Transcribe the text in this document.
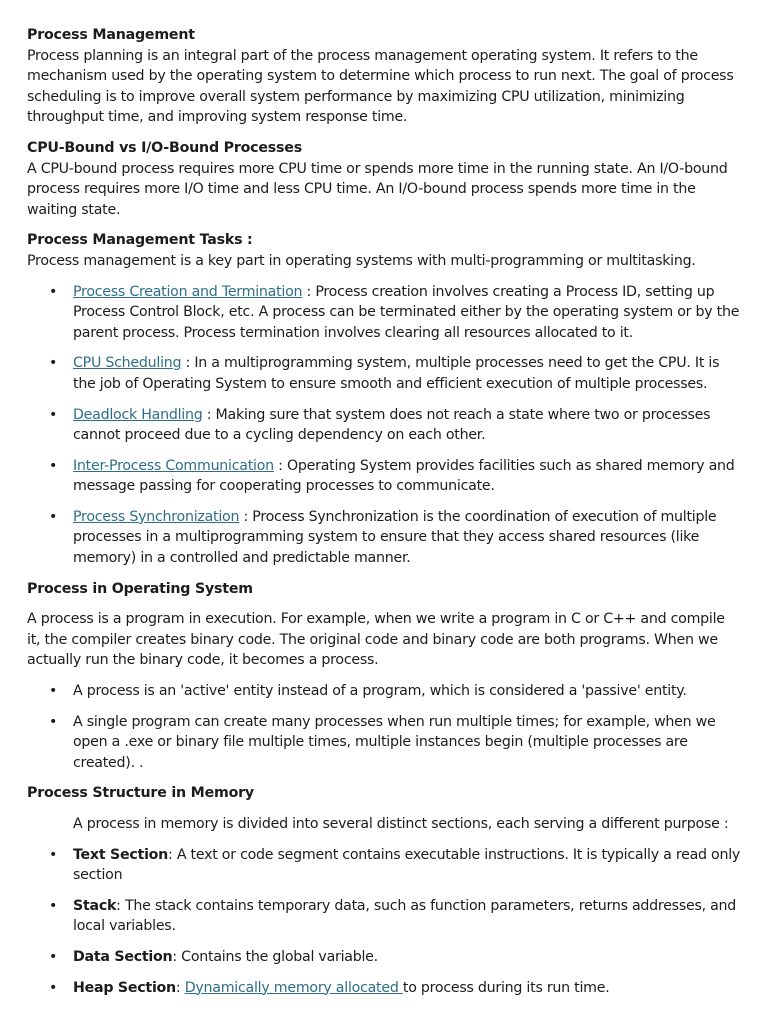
Process Management

Process planning is an integral part of the process management operating system. It refers to the mechanism used by the operating system to determine which process to run next. The goal of process scheduling is to improve overall system performance by maximizing CPU utilization, minimizing throughput time, and improving system response time.

CPU-Bound vs I/O-Bound Processes

A CPU-bound process requires more CPU time or spends more time in the running state. An I/O-bound process requires more I/O time and less CPU time. An I/O-bound process spends more time in the waiting state.

Process Management Tasks :

Process management is a key part in operating systems with multi-programming or multitasking.

• Process Creation and Termination : Process creation involves creating a Process ID, setting up Process Control Block, etc. A process can be terminated either by the operating system or by the parent process. Process termination involves clearing all resources allocated to it.
• CPU Scheduling : In a multiprogramming system, multiple processes need to get the CPU. It is the job of Operating System to ensure smooth and efficient execution of multiple processes.
• Deadlock Handling : Making sure that system does not reach a state where two or processes cannot proceed due to a cycling dependency on each other.
• Inter-Process Communication : Operating System provides facilities such as shared memory and message passing for cooperating processes to communicate.
• Process Synchronization : Process Synchronization is the coordination of execution of multiple processes in a multiprogramming system to ensure that they access shared resources (like memory) in a controlled and predictable manner.
Process in Operating System

A process is a program in execution. For example, when we write a program in C or C++ and compile it, the compiler creates binary code. The original code and binary code are both programs. When we actually run the binary code, it becomes a process.

• A process is an 'active' entity instead of a program, which is considered a 'passive' entity.
• A single program can create many processes when run multiple times; for example, when we open a .exe or binary file multiple times, multiple instances begin (multiple processes are created). .
Process Structure in Memory

A process in memory is divided into several distinct sections, each serving a different purpose :

• Text Section: A text or code segment contains executable instructions. It is typically a read only section
• Stack: The stack contains temporary data, such as function parameters, returns addresses, and local variables.
• Data Section: Contains the global variable.
• Heap Section: Dynamically memory allocated to process during its run time.
